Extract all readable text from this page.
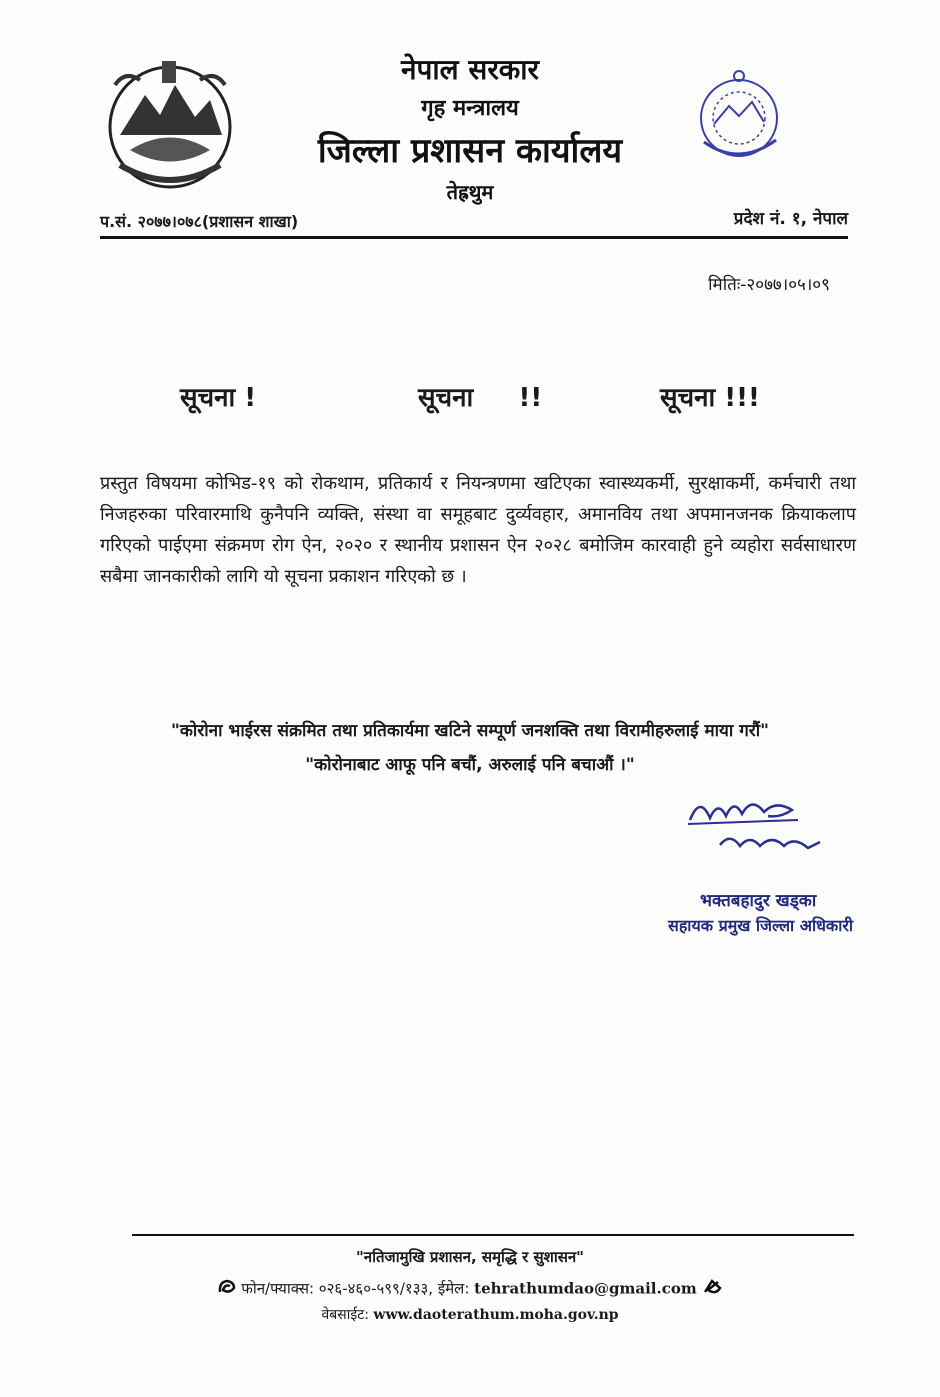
नेपाल सरकार
गृह मन्त्रालय
जिल्ला प्रशासन कार्यालय
तेह्रथुम
प.सं. २०७७।०७८(प्रशासन शाखा)	प्रदेश नं. १, नेपाल
मितिः-२०७७।०५।०९
सूचना !	सूचना     !!	सूचना !!!
प्रस्तुत विषयमा कोभिड-१९ को रोकथाम, प्रतिकार्य र नियन्त्रणमा खटिएका स्वास्थ्यकर्मी, सुरक्षाकर्मी, कर्मचारी तथा निजहरुका परिवारमाथि कुनैपनि व्यक्ति, संस्था वा समूहबाट दुर्व्यवहार, अमानविय तथा अपमानजनक क्रियाकलाप गरिएको पाईएमा संक्रमण रोग ऐन, २०२० र स्थानीय प्रशासन ऐन २०२८ बमोजिम कारवाही हुने व्यहोरा सर्वसाधारण सबैमा जानकारीको लागि यो सूचना प्रकाशन गरिएको छ ।
"कोरोना भाईरस संक्रमित तथा प्रतिकार्यमा खटिने सम्पूर्ण जनशक्ति तथा विरामीहरुलाई माया गरौं"
"कोरोनाबाट आफू पनि बचौं, अरुलाई पनि बचाऔं ।"
भक्तबहादुर खड्का
सहायक प्रमुख जिल्ला अधिकारी
"नतिजामुखि प्रशासन, समृद्धि र सुशासन"
फोन/फ्याक्स: ०२६-४६०-५९९/१३३, ईमेल: tehrathumdao@gmail.com
वेबसाईट: www.daoterathum.moha.gov.np
